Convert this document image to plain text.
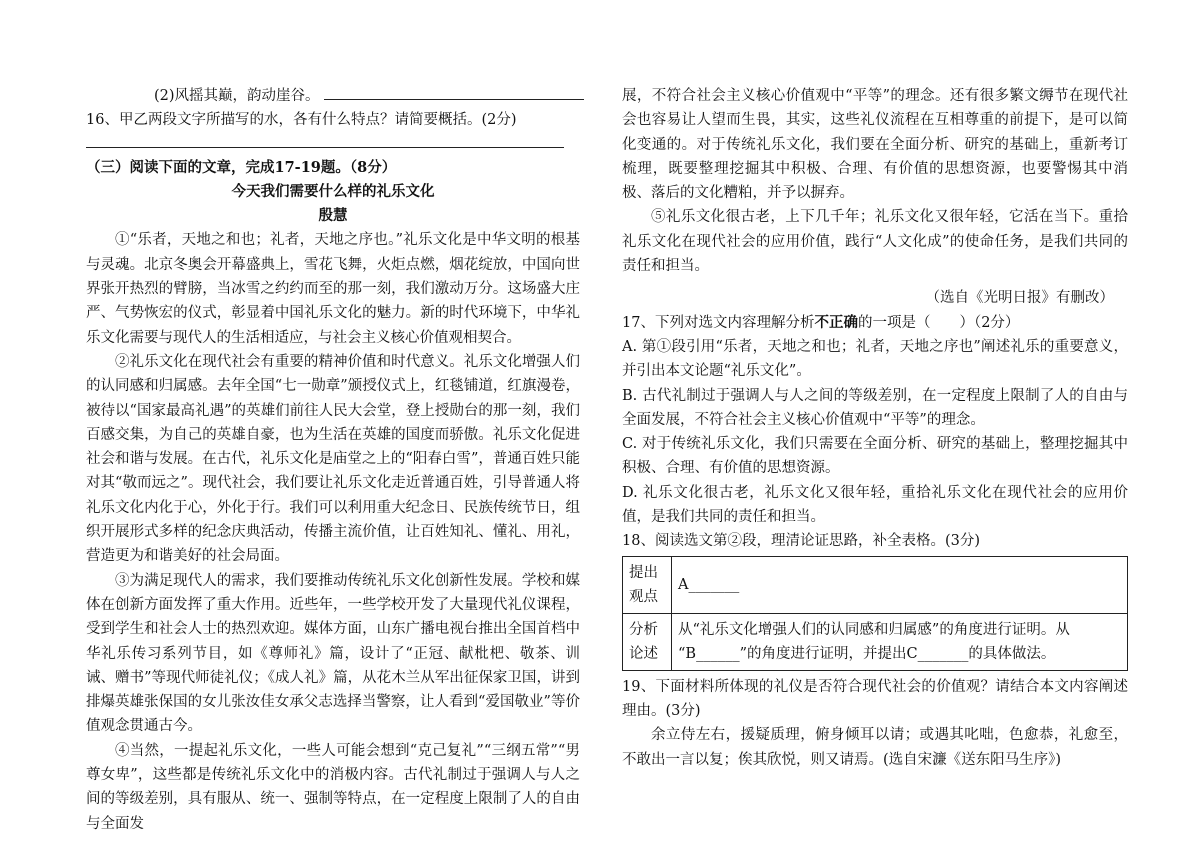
(2)风摇其巅，韵动崖谷。

16、甲乙两段文字所描写的水，各有什么特点？请简要概括。(2分)

（三）阅读下面的文章，完成17-19题。（8分）

今天我们需要什么样的礼乐文化

殷慧

①“乐者，天地之和也；礼者，天地之序也。”礼乐文化是中华文明的根基与灵魂。北京冬奥会开幕盛典上，雪花飞舞，火炬点燃，烟花绽放，中国向世界张开热烈的臂膀，当冰雪之约约而至的那一刻，我们激动万分。这场盛大庄严、气势恢宏的仪式，彰显着中国礼乐文化的魅力。新的时代环境下，中华礼乐文化需要与现代人的生活相适应，与社会主义核心价值观相契合。

②礼乐文化在现代社会有重要的精神价值和时代意义。礼乐文化增强人们的认同感和归属感。去年全国“七一勋章”颁授仪式上，红毯铺道，红旗漫卷，被待以“国家最高礼遇”的英雄们前往人民大会堂，登上授勋台的那一刻，我们百感交集，为自己的英雄自豪，也为生活在英雄的国度而骄傲。礼乐文化促进社会和谐与发展。在古代，礼乐文化是庙堂之上的“阳春白雪”，普通百姓只能对其“敬而远之”。现代社会，我们要让礼乐文化走近普通百姓，引导普通人将礼乐文化内化于心，外化于行。我们可以利用重大纪念日、民族传统节日，组织开展形式多样的纪念庆典活动，传播主流价值，让百姓知礼、懂礼、用礼，营造更为和谐美好的社会局面。

③为满足现代人的需求，我们要推动传统礼乐文化创新性发展。学校和媒体在创新方面发挥了重大作用。近些年，一些学校开发了大量现代礼仪课程，受到学生和社会人士的热烈欢迎。媒体方面，山东广播电视台推出全国首档中华礼乐传习系列节目，如《尊师礼》篇，设计了“正冠、献枇杷、敬茶、训诫、赠书”等现代师徒礼仪；《成人礼》篇，从花木兰从军出征保家卫国，讲到排爆英雄张保国的女儿张汝佳女承父志选择当警察，让人看到“爱国敬业”等价值观念贯通古今。

④当然，一提起礼乐文化，一些人可能会想到“克己复礼”“三纲五常”“男尊女卑”，这些都是传统礼乐文化中的消极内容。古代礼制过于强调人与人之间的等级差别，具有服从、统一、强制等特点，在一定程度上限制了人的自由与全面发

展，不符合社会主义核心价值观中“平等”的理念。还有很多繁文缛节在现代社会也容易让人望而生畏，其实，这些礼仪流程在互相尊重的前提下，是可以简化变通的。对于传统礼乐文化，我们要在全面分析、研究的基础上，重新考订梳理，既要整理挖掘其中积极、合理、有价值的思想资源，也要警惕其中消极、落后的文化糟粕，并予以摒弃。

⑤礼乐文化很古老，上下几千年；礼乐文化又很年轻，它活在当下。重拾礼乐文化在现代社会的应用价值，践行“人文化成”的使命任务，是我们共同的责任和担当。

（选自《光明日报》有删改）

17、下列对选文内容理解分析不正确的一项是（　　）（2分）

A. 第①段引用“乐者，天地之和也；礼者，天地之序也”阐述礼乐的重要意义，并引出本文论题“礼乐文化”。

B. 古代礼制过于强调人与人之间的等级差别，在一定程度上限制了人的自由与全面发展，不符合社会主义核心价值观中“平等”的理念。

C. 对于传统礼乐文化，我们只需要在全面分析、研究的基础上，整理挖掘其中积极、合理、有价值的思想资源。

D. 礼乐文化很古老，礼乐文化又很年轻，重拾礼乐文化在现代社会的应用价值，是我们共同的责任和担当。

18、阅读选文第②段，理清论证思路，补全表格。(3分)

提出观点	A_______
分析论述	从“礼乐文化增强人们的认同感和归属感”的角度进行证明。从
“B______”的角度进行证明，并提出C_______的具体做法。

19、下面材料所体现的礼仪是否符合现代社会的价值观？请结合本文内容阐述理由。(3分)

余立侍左右，援疑质理，俯身倾耳以请；或遇其叱咄，色愈恭，礼愈至，不敢出一言以复；俟其欣悦，则又请焉。(选自宋濂《送东阳马生序》)
